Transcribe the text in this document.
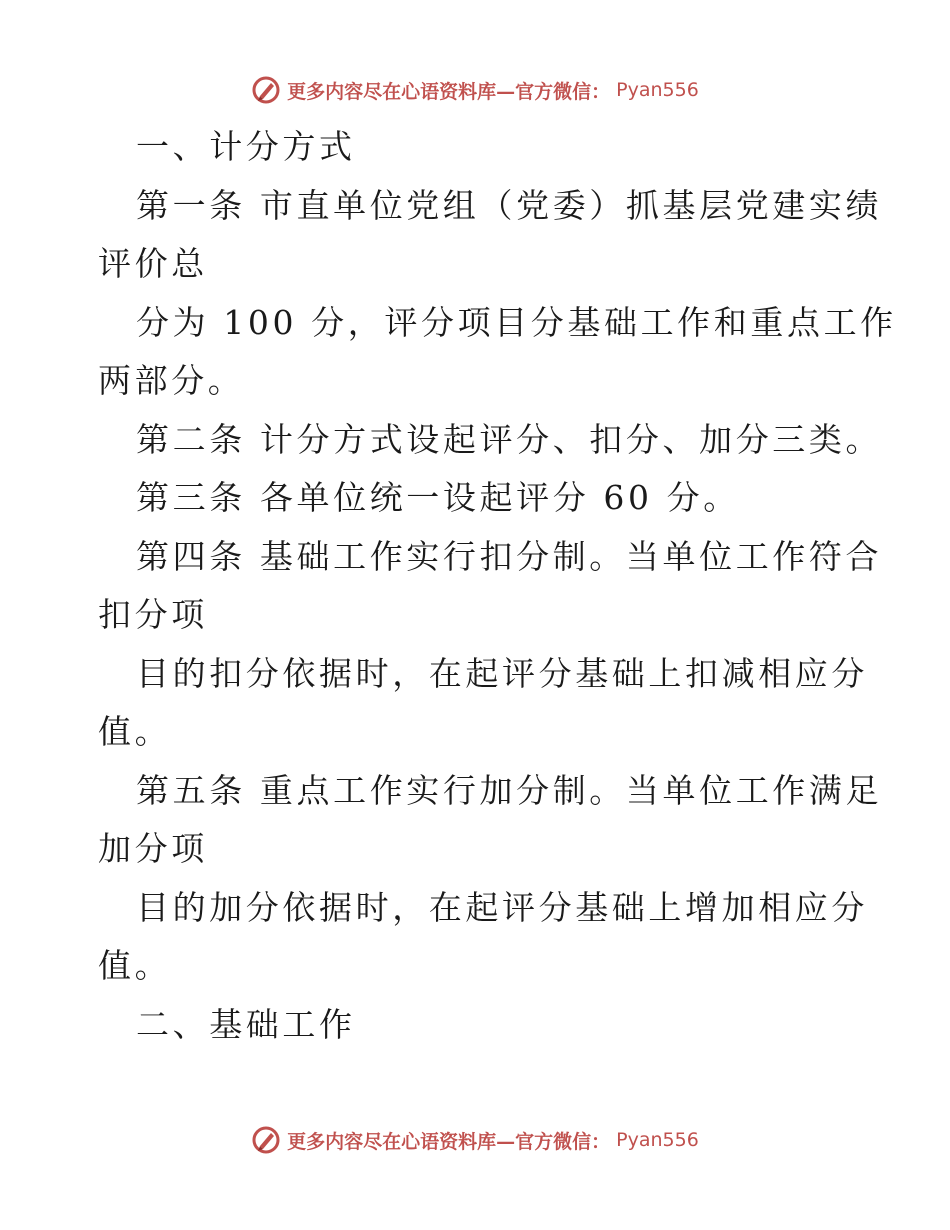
更多内容尽在心语资料库—官方微信： Pyan556
一、计分方式
第一条 市直单位党组（党委）抓基层党建实绩
评价总
分为 100 分，评分项目分基础工作和重点工作
两部分。
第二条 计分方式设起评分、扣分、加分三类。
第三条 各单位统一设起评分 60 分。
第四条 基础工作实行扣分制。当单位工作符合
扣分项
目的扣分依据时，在起评分基础上扣减相应分
值。
第五条 重点工作实行加分制。当单位工作满足
加分项
目的加分依据时，在起评分基础上增加相应分
值。
二、基础工作
更多内容尽在心语资料库—官方微信： Pyan556
